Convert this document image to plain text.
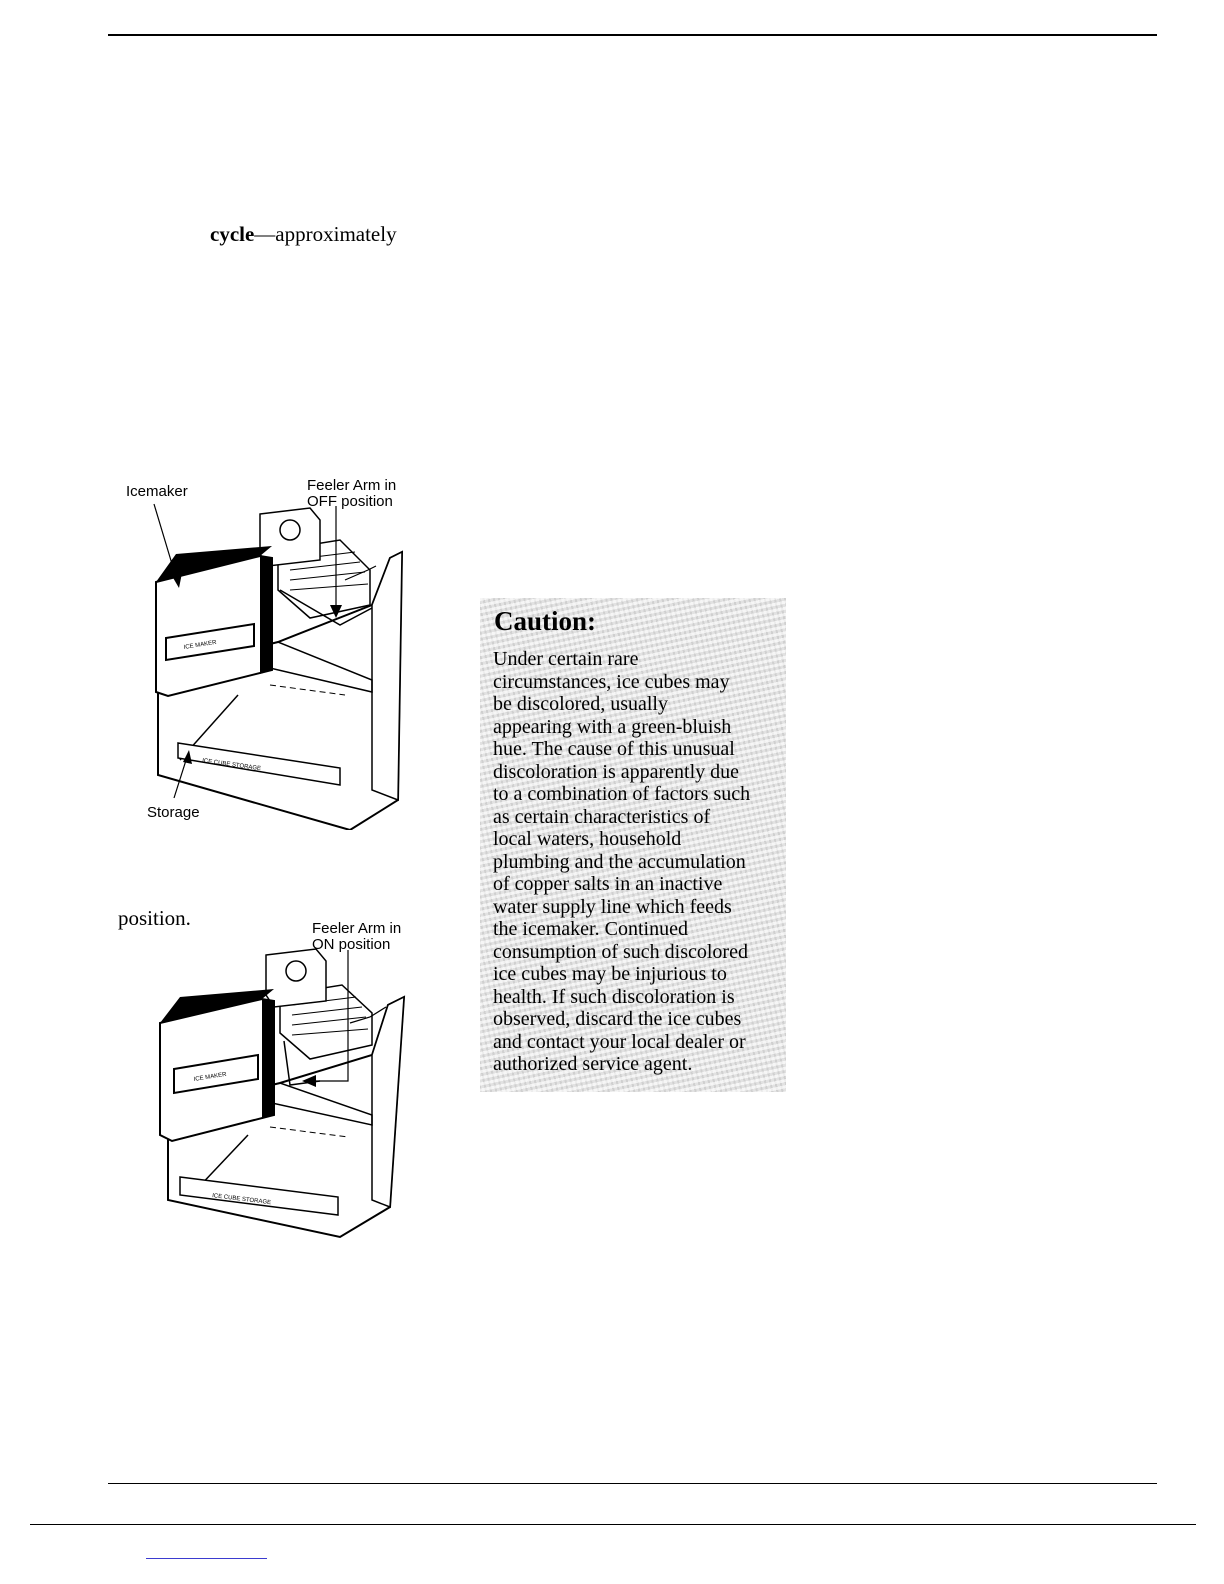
cycle—approximately
Icemaker	Feeler Arm in
OFF position
ICE CUBE STORAGE
ICE MAKER
Storage
position.	Feeler Arm in
ON position
ICE CUBE STORAGE
ICE MAKER
Caution:
Under certain rare
circumstances, ice cubes may
be discolored, usually
appearing with a green-bluish
hue. The cause of this unusual
discoloration is apparently due
to a combination of factors such
as certain characteristics of
local waters, household
plumbing and the accumulation
of copper salts in an inactive
water supply line which feeds
the icemaker. Continued
consumption of such discolored
ice cubes may be injurious to
health. If such discoloration is
observed, discard the ice cubes
and contact your local dealer or
authorized service agent.
